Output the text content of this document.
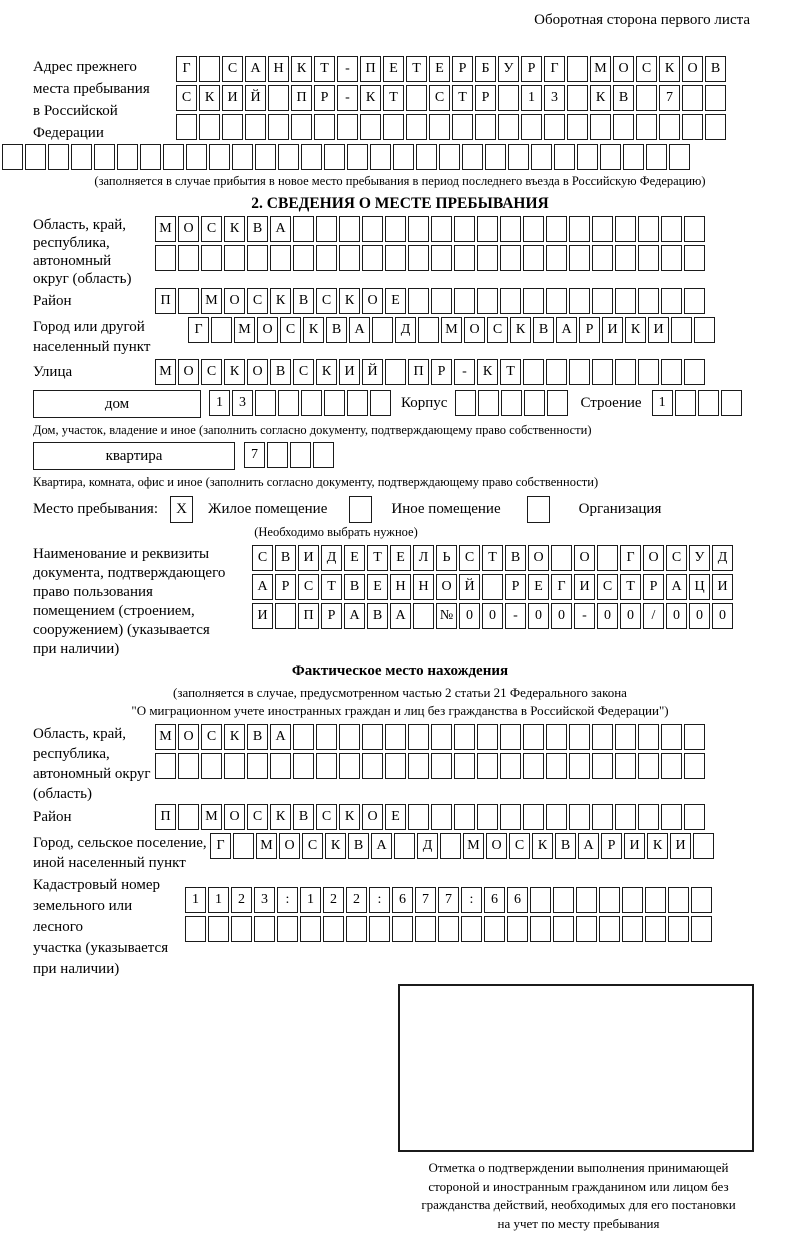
Оборотная сторона первого листа
Адрес прежнего
места пребывания
в Российской
Федерации
Г	С А Н К Т - П Е Т Е Р Б У Р Г	М О С К О В
С К И Й	П Р - К Т	С Т Р	1 3	К В	7
(заполняется в случае прибытия в новое место пребывания в период последнего въезда в Российскую Федерацию)
2. СВЕДЕНИЯ О МЕСТЕ ПРЕБЫВАНИЯ
Область, край,
республика,
автономный
округ (область)
М О С К В А
Район	П М О С К В С К О Е
Город или другой
населенный пункт
Г	М О С К В А	Д М О С К В А Р И К И
Улица	М О С К О В С К И Й	П Р - К Т
дом	1 3	Корпус	Строение 1
Дом, участок, владение и иное (заполнить согласно документу, подтверждающему право собственности)
квартира	7
Квартира, комната, офис и иное (заполнить согласно документу, подтверждающему право собственности)
Место пребывания: X Жилое помещение	Иное помещение	Организация
(Необходимо выбрать нужное)
Наименование и реквизиты
документа, подтверждающего
право пользования
помещением (строением,
сооружением) (указывается
при наличии)
С В И Д Е Т Е Л Ь С Т В О	О	Г О С У Д
А Р С Т В Е Н Н О Й	Р Е Г И С Т Р А Ц И
И	П Р А В А № 0 0 - 0 0 - 0 0 / 0 0 0
Фактическое место нахождения
(заполняется в случае, предусмотренном частью 2 статьи 21 Федерального закона
"О миграционном учете иностранных граждан и лиц без гражданства в Российской Федерации")
Область, край,
республика,
автономный округ
(область)
М О С К В А
Район	П М О С К В С К О Е
Город, сельское поселение,
иной населенный пункт
Г	М О С К В А	Д М О С К В А Р И К И
Кадастровый номер
земельного или лесного
участка (указывается
при наличии)
1 1 2 3 : 1 2 2 : 6 7 7 : 6 6
Отметка о подтверждении выполнения принимающей
стороной и иностранным гражданином или лицом без
гражданства действий, необходимых для его постановки
на учет по месту пребывания
